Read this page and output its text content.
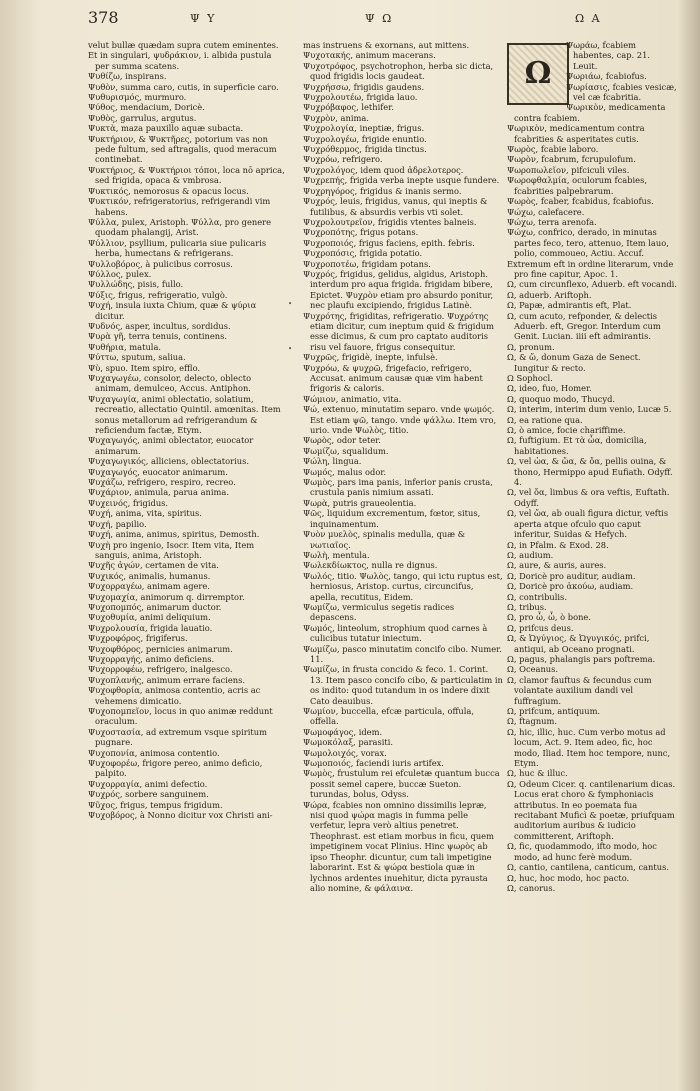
378	Ψ Υ	Ψ Ω	Ω Α

velut bullæ quædam supra cutem eminentes.

Et in singulari, ψυδράκιον, i. albida pustula per summa scatens.

Ψυθίζω, inspirans.

Ψυθὸν, summa caro, cutis, in superficie caro.

Ψυθυρισμός, murmuro.

Ψύθος, mendacium, Doricè.

Ψυθὸς, garrulus, argutus.

Ψυκτὰ, maza pauxillo aquæ subacta.

Ψυκτήριον, & Ψυκτῆρες, potorium vas non pede fultum, sed aftragalis, quod meracum continebat.

Ψυκτήριος, & Ψυκτήριοι τόποι, loca nō aprica, sed frigida, opaca & vmbrosa.

Ψυκτικός, nemorosus & opacus locus.

Ψυκτικόν, refrigeratorius, refrigerandi vim habens.

Ψύλλα, pulex, Aristoph. Ψύλλα, pro genere quodam phalangij, Arist.

Ψύλλιον, psyllium, pulicaria siue pulicaris herba, humectans & refrigerans.

Ψυλλοβόρος, à pulicibus corrosus.

Ψύλλος, pulex.

Ψυλλώδης, pisis, fullo.

Ψύξις, frigus, refrigeratio, vulgò.

Ψυχή, insula iuxta Chium, quæ & ψύρια dicitur.

Ψυδνός, asper, incultus, sordidus.

Ψυρὰ γῆ, terra tenuis, continens.

Ψυθήρια, matula.

Ψύττω, sputum, saliua.

Ψὺ, spuo. Item spiro, efflo.

Ψυχαγωγέω, consolor, delecto, oblecto animam, demulceo, Accus. Antiphon.

Ψυχαγωγία, animi oblectatio, solatium, recreatio, allectatio Quintil. amœnitas. Item sonus metallorum ad refrigerandum & reficiendum factæ, Etym.

Ψυχαγωγός, animi oblectator, euocator animarum.

Ψυχαγωγικός, alliciens, oblectatorius.

Ψυχαγωγός, euocator animarum.

Ψυχάζω, refrigero, respiro, recreo.

Ψυχάριον, animula, parua anima.

Ψυχεινός, frigidus.

Ψυχή, anima, vita, spiritus.

Ψυχή, papilio.

Ψυχή, anima, animus, spiritus, Demosth.

Ψυχὴ pro ingenio, Isocr. Item vita, Item sanguis, anima, Aristoph.

Ψυχῆς ἀγών, certamen de vita.

Ψυχικός, animalis, humanus.

Ψυχορραγέω, animam agere.

Ψυχομαχία, animorum q. dirremptor.

Ψυχοπομπός, animarum ductor.

Ψυχοθυμία, animi deliquium.

Ψυχρολουσία, frigida lauatio.

Ψυχροφόρος, frigiferus.

Ψυχοφθόρος, pernicies animarum.

Ψυχορραγής, animo deficiens.

Ψυχορροφέω, refrigero, inalgesco.

Ψυχοπλανής, animum errare faciens.

Ψυχοφθορία, animosa contentio, acris ac vehemens dimicatio.

Ψυχοπομπεῖον, locus in quo animæ reddunt oraculum.

Ψυχοστασία, ad extremum vsque spiritum pugnare.

Ψυχοπονία, animosa contentio.

Ψυχοφορέω, frigore pereo, animo deficio, palpito.

Ψυχορραγία, animi defectio.

Ψυχρός, sorbere sanguinem.

Ψῦχος, frigus, tempus frigidum.

Ψυχοβόρος, à Nonno dicitur vox Christi ani-

mas instruens & exornans, aut mittens.

Ψυχοτακής, animum macerans.

Ψυχοτρόφος, psychotrophon, herba sic dicta, quod frigidis locis gaudeat.

Ψυχρήσσω, frigidis gaudens.

Ψυχρολουτέω, frigida lauo.

Ψυχρόβαφος, lethifer.

Ψυχρὸν, anima.

Ψυχρολογία, ineptiæ, frigus.

Ψυχρολογέω, frigide enuntio.

Ψυχρόθερμος, frigida tinctus.

Ψυχρόω, refrigero.

Ψυχρολόγος, idem quod ἀδρελοτερος.

Ψυχρεπής, frigida verba inepte usque fundere.

Ψυχρηγόρος, frigidus & inanis sermo.

Ψυχρός, leuis, frigidus, vanus, qui ineptis & futilibus, & absurdis verbis vti solet.

Ψυχρολουτρεῖον, frigidis vtentes balneis.

Ψυχροπότης, frigus potans.

Ψυχροποιός, frigus faciens, epith. febris.

Ψυχροπόσις, frigida potatio.

Ψυχροποτέω, frigidam potans.

Ψυχρός, frigidus, gelidus, algidus, Aristoph. interdum pro aqua frigida. frigidam bibere, Epictet. Ψυχρὸν etiam pro absurdo ponitur, nec plaufu excipiendo, frigidus Latinè.

Ψυχρότης, frigiditas, refrigeratio. Ψυχρότης etiam dicitur, cum ineptum quid & frigidum esse dicimus, & cum pro captato auditoris risu vel fauore, frigus consequitur.

Ψυχρῶς, frigidè, inepte, infulsè.

Ψυχρόω, & ψυχρῶ, frigefacio, refrigero, Accusat. animum causæ quæ vim habent frigoris & caloris.

Ψώμιον, animatio, vita.

Ψώ, extenuo, minutatim separo. vnde ψωμός. Est etiam ψῶ, tango. vnde ψάλλω. Item vro, urio. vnde Ψωλὸς, titio.

Ψωρὸς, odor teter.

Ψωμίζω, squalidum.

Ψώλη, lingua.

Ψωμός, malus odor.

Ψωμὸς, pars ima panis, inferior panis crusta, crustula panis nimium assati.

Ψωρὰ, putris graueolentia.

Ψῶς, liquidum excrementum, fœtor, situs, inquinamentum.

Ψυὸν μυελὸς, spinalis medulla, quæ & νωτιαῖος.

Ψωλὴ, mentula.

Ψωλεκδίωκτος, nulla re dignus.

Ψωλός, titio. Ψωλὸς, tango, qui ictu ruptus est, herniosus, Aristop. curtus, circuncifus, apella, recutitus, Eidem.

Ψωμίζω, vermiculus segetis radices depascens.

Ψωμός, linteolum, strophium quod carnes à culicibus tutatur iniectum.

Ψωμίζω, pasco minutatim concifo cibo. Numer. 11.

Ψωμίζω, in frusta concido & feco. 1. Corint. 13. Item pasco concifo cibo, & particulatim in os indito: quod tutandum in os indere dixit Cato deauibus.

Ψωμίον, buccella, efcæ particula, offula, offella.

Ψωμοφάγος, idem.

Ψωμοκόλαξ, parasiti.

Ψωμολοιχός, vorax.

Ψωμοποιός, faciendi iuris artifex.

Ψωμὸς, frustulum rei efculetæ quantum bucca possit semel capere, buccæ Sueton. turundas, bolus, Odyss.

Ψώρα, fcabies non omnino dissimilis lepræ, nisi quod ψώρα magis in fumma pelle verfetur, lepra verò altius penetret. Theophrast. est etiam morbus in ficu, quem impetiginem vocat Plinius. Hinc ψωρὸς ab ipso Theophr. dicuntur, cum tali impetigine laborarint. Est & ψώρα bestiola quæ in lychnos ardentes inuehitur, dicta pyrausta alio nomine, & φάλαινα.

Ω

Ψωράω, fcabiem habentes, cap. 21. Leuit.

Ψωριάω, fcabiofus.

Ψωρίασις, fcabies vesicæ, vel cæ fcabritia.

Ψωρικὸν, medicamenta contra fcabiem.

Ψωρικὸν, medicamentum contra fcabrities & asperitates cutis.

Ψωρὸς, fcabie laboro.

Ψωρὸν, fcabrum, fcrupulofum.

Ψωροπωλεῖον, pifciculi viles.

Ψωροφθαλμία, oculorum fcabies, fcabrities palpebrarum.

Ψωρὸς, fcaber, fcabidus, fcabiofus.

Ψώχω, calefacere.

Ψώχω, terra arenofa.

Ψώχω, confrico, derado, in minutas partes feco, tero, attenuo, Item lauo, polio, commoueo, Actiu. Accuf.

Extremum eft in ordine literarum, vnde pro fine capitur, Apoc. 1.

Ω, cum circunflexo, Aduerb. eft vocandi.

Ω, aduerb. Ariftoph.

Ω, Papæ, admirantis eft, Plat.

Ω, cum acuto, refponder, & delectis Aduerb. eft, Gregor. Interdum cum Genit. Lucian. iiii eft admirantis.

Ω, pronum.

Ω, & ὤ, donum Gaza de Senect. Iungitur & recto.

Ω Sophocl.

Ω, ideo, fuo, Homer.

Ω, quoquo modo, Thucyd.

Ω, interim, interim dum venio, Lucæ 5.

Ω, ea ratione qua.

Ω, ò amice, focie chariffime.

Ω, fuftigium. Et τὰ ὦα, domicilia, habitationes.

Ω, vel ὠα, & ὤα, & ὄα, pellis ouina, & thono, Hermippo apud Eufiath. Odyff. 4.

Ω, vel ὄα, limbus & ora veftis, Euftath. Odyff.

Ω, vel ὤα, ab ouali figura dictur, veftis aperta atque ofculo quo caput inferitur, Suidas & Hefych.

Ω, in Pfalm. & Exod. 28.

Ω, audium.

Ω, aure, & auris, aures.

Ω, Doricè pro auditur, audiam.

Ω, Doricè pro ἀκούω, audiam.

Ω, contribulis.

Ω, tribus.

Ω, pro ὦ, ὦ, ò bone.

Ω, prifcus deus.

Ω, & Ὠγύγιος, & Ὠγυγικός, prifci, antiqui, ab Oceano prognati.

Ω, pagus, phalangis pars poftrema.

Ω, Oceanus.

Ω, clamor fauftus & fecundus cum volantate auxilium dandi vel fuffragium.

Ω, prifcum, antiquum.

Ω, ftagnum.

Ω, hic, illic, huc. Cum verbo motus ad locum, Act. 9. Item adeo, fic, hoc modo, Iliad. Item hoc tempore, nunc, Etym.

Ω, huc & illuc.

Ω, Odeum Cicer. q. cantilenarium dicas. Locus erat choro & fymphoniacis attributus. In eo poemata fua recitabant Muficì & poetæ, priufquam auditorium auribus & iudicio committerent, Ariftoph.

Ω, fic, quodammodo, ifto modo, hoc modo, ad hunc ferè modum.

Ω, cantio, cantilena, canticum, cantus.

Ω, huc, hoc modo, hoc pacto.

Ω, canorus.

•
•
